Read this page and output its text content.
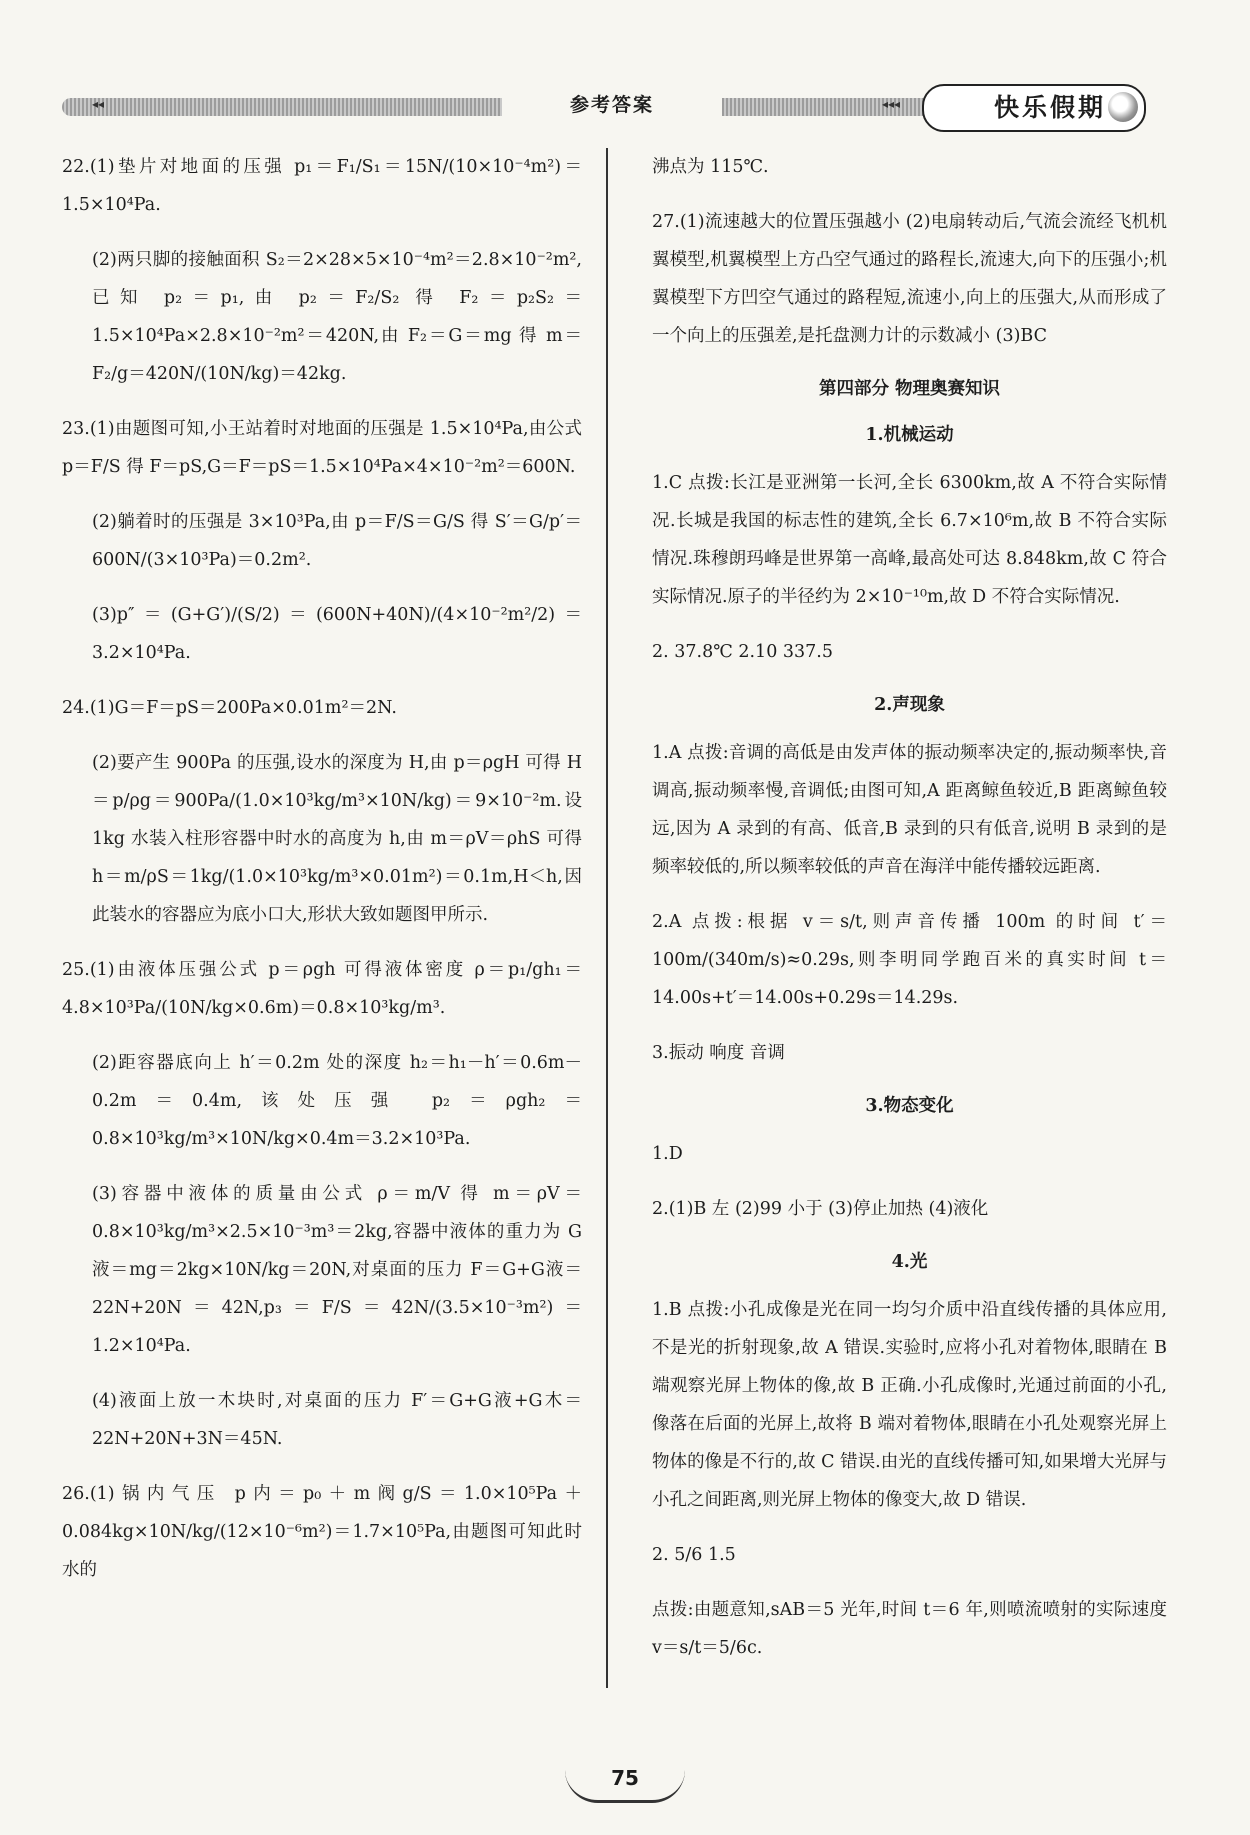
◂◂	参考答案	◂◂◂	快乐假期

22.(1)垫片对地面的压强 p₁＝F₁/S₁＝15N/(10×10⁻⁴m²)＝1.5×10⁴Pa.

(2)两只脚的接触面积 S₂＝2×28×5×10⁻⁴m²＝2.8×10⁻²m²,已知 p₂＝p₁,由 p₂＝F₂/S₂ 得 F₂＝p₂S₂＝1.5×10⁴Pa×2.8×10⁻²m²＝420N,由 F₂＝G＝mg 得 m＝F₂/g＝420N/(10N/kg)＝42kg.

23.(1)由题图可知,小王站着时对地面的压强是 1.5×10⁴Pa,由公式 p＝F/S 得 F＝pS,G＝F＝pS＝1.5×10⁴Pa×4×10⁻²m²＝600N.

(2)躺着时的压强是 3×10³Pa,由 p＝F/S＝G/S 得 S′＝G/p′＝600N/(3×10³Pa)＝0.2m².

(3)p″＝(G+G′)/(S/2)＝(600N+40N)/(4×10⁻²m²/2)＝3.2×10⁴Pa.

24.(1)G＝F＝pS＝200Pa×0.01m²＝2N.

(2)要产生 900Pa 的压强,设水的深度为 H,由 p＝ρgH 可得 H＝p/ρg＝900Pa/(1.0×10³kg/m³×10N/kg)＝9×10⁻²m.设 1kg 水装入柱形容器中时水的高度为 h,由 m＝ρV＝ρhS 可得 h＝m/ρS＝1kg/(1.0×10³kg/m³×0.01m²)＝0.1m,H＜h,因此装水的容器应为底小口大,形状大致如题图甲所示.

25.(1)由液体压强公式 p＝ρgh 可得液体密度 ρ＝p₁/gh₁＝4.8×10³Pa/(10N/kg×0.6m)＝0.8×10³kg/m³.

(2)距容器底向上 h′＝0.2m 处的深度 h₂＝h₁－h′＝0.6m－0.2m＝0.4m,该处压强 p₂＝ρgh₂＝0.8×10³kg/m³×10N/kg×0.4m＝3.2×10³Pa.

(3)容器中液体的质量由公式 ρ＝m/V 得 m＝ρV＝0.8×10³kg/m³×2.5×10⁻³m³＝2kg,容器中液体的重力为 G液＝mg＝2kg×10N/kg＝20N,对桌面的压力 F＝G+G液＝22N+20N＝42N,p₃＝F/S＝42N/(3.5×10⁻³m²)＝1.2×10⁴Pa.

(4)液面上放一木块时,对桌面的压力 F′＝G+G液+G木＝22N+20N+3N＝45N.

26.(1)锅内气压 p内＝p₀＋m阀g/S＝1.0×10⁵Pa＋0.084kg×10N/kg/(12×10⁻⁶m²)＝1.7×10⁵Pa,由题图可知此时水的

沸点为 115℃.

27.(1)流速越大的位置压强越小 (2)电扇转动后,气流会流经飞机机翼模型,机翼模型上方凸空气通过的路程长,流速大,向下的压强小;机翼模型下方凹空气通过的路程短,流速小,向上的压强大,从而形成了一个向上的压强差,是托盘测力计的示数减小 (3)BC

第四部分 物理奥赛知识
1.机械运动

1.C 点拨:长江是亚洲第一长河,全长 6300km,故 A 不符合实际情况.长城是我国的标志性的建筑,全长 6.7×10⁶m,故 B 不符合实际情况.珠穆朗玛峰是世界第一高峰,最高处可达 8.848km,故 C 符合实际情况.原子的半径约为 2×10⁻¹⁰m,故 D 不符合实际情况.

2. 37.8℃ 2.10 337.5

2.声现象

1.A 点拨:音调的高低是由发声体的振动频率决定的,振动频率快,音调高,振动频率慢,音调低;由图可知,A 距离鲸鱼较近,B 距离鲸鱼较远,因为 A 录到的有高、低音,B 录到的只有低音,说明 B 录到的是频率较低的,所以频率较低的声音在海洋中能传播较远距离.

2.A 点拨:根据 v＝s/t,则声音传播 100m 的时间 t′＝100m/(340m/s)≈0.29s,则李明同学跑百米的真实时间 t＝14.00s+t′＝14.00s+0.29s＝14.29s.

3.振动 响度 音调

3.物态变化

1.D

2.(1)B 左 (2)99 小于 (3)停止加热 (4)液化

4.光

1.B 点拨:小孔成像是光在同一均匀介质中沿直线传播的具体应用,不是光的折射现象,故 A 错误.实验时,应将小孔对着物体,眼睛在 B 端观察光屏上物体的像,故 B 正确.小孔成像时,光通过前面的小孔,像落在后面的光屏上,故将 B 端对着物体,眼睛在小孔处观察光屏上物体的像是不行的,故 C 错误.由光的直线传播可知,如果增大光屏与小孔之间距离,则光屏上物体的像变大,故 D 错误.

2. 5/6 1.5

点拨:由题意知,sAB＝5 光年,时间 t＝6 年,则喷流喷射的实际速度 v＝s/t＝5/6c.

75
